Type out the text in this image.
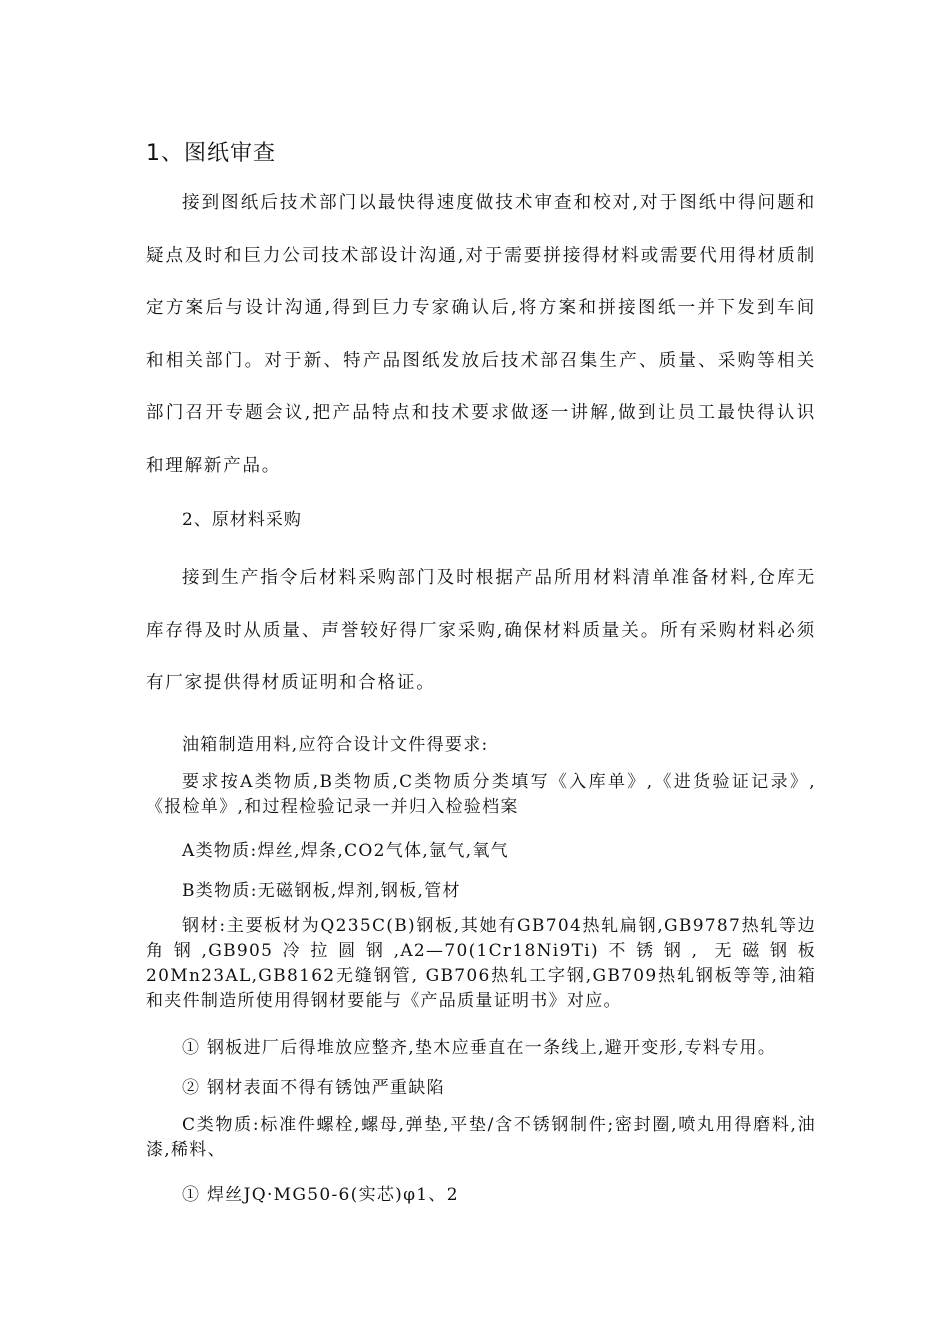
1、图纸审查

接到图纸后技术部门以最快得速度做技术审查和校对,对于图纸中得问题和疑点及时和巨力公司技术部设计沟通,对于需要拼接得材料或需要代用得材质制定方案后与设计沟通,得到巨力专家确认后,将方案和拼接图纸一并下发到车间和相关部门。对于新、特产品图纸发放后技术部召集生产、质量、采购等相关部门召开专题会议,把产品特点和技术要求做逐一讲解,做到让员工最快得认识和理解新产品。

2、原材料采购

接到生产指令后材料采购部门及时根据产品所用材料清单准备材料,仓库无库存得及时从质量、声誉较好得厂家采购,确保材料质量关。所有采购材料必须有厂家提供得材质证明和合格证。

油箱制造用料,应符合设计文件得要求:

要求按A类物质,B类物质,C类物质分类填写《入库单》,《进货验证记录》,《报检单》,和过程检验记录一并归入检验档案

A类物质:焊丝,焊条,CO2气体,氩气,氧气
B类物质:无磁钢板,焊剂,钢板,管材

钢材:主要板材为Q235C(B)钢板,其她有GB704热轧扁钢,GB9787热轧等边角钢,GB905冷拉圆钢,A2—70(1Cr18Ni9Ti)不锈钢, 无磁钢板20Mn23AL,GB8162无缝钢管, GB706热轧工字钢,GB709热轧钢板等等,油箱和夹件制造所使用得钢材要能与《产品质量证明书》对应。

① 钢板进厂后得堆放应整齐,垫木应垂直在一条线上,避开变形,专料专用。
② 钢材表面不得有锈蚀严重缺陷

C类物质:标准件螺栓,螺母,弹垫,平垫/含不锈钢制件;密封圈,喷丸用得磨料,油漆,稀料、

① 焊丝JQ·MG50-6(实芯)φ1、2
